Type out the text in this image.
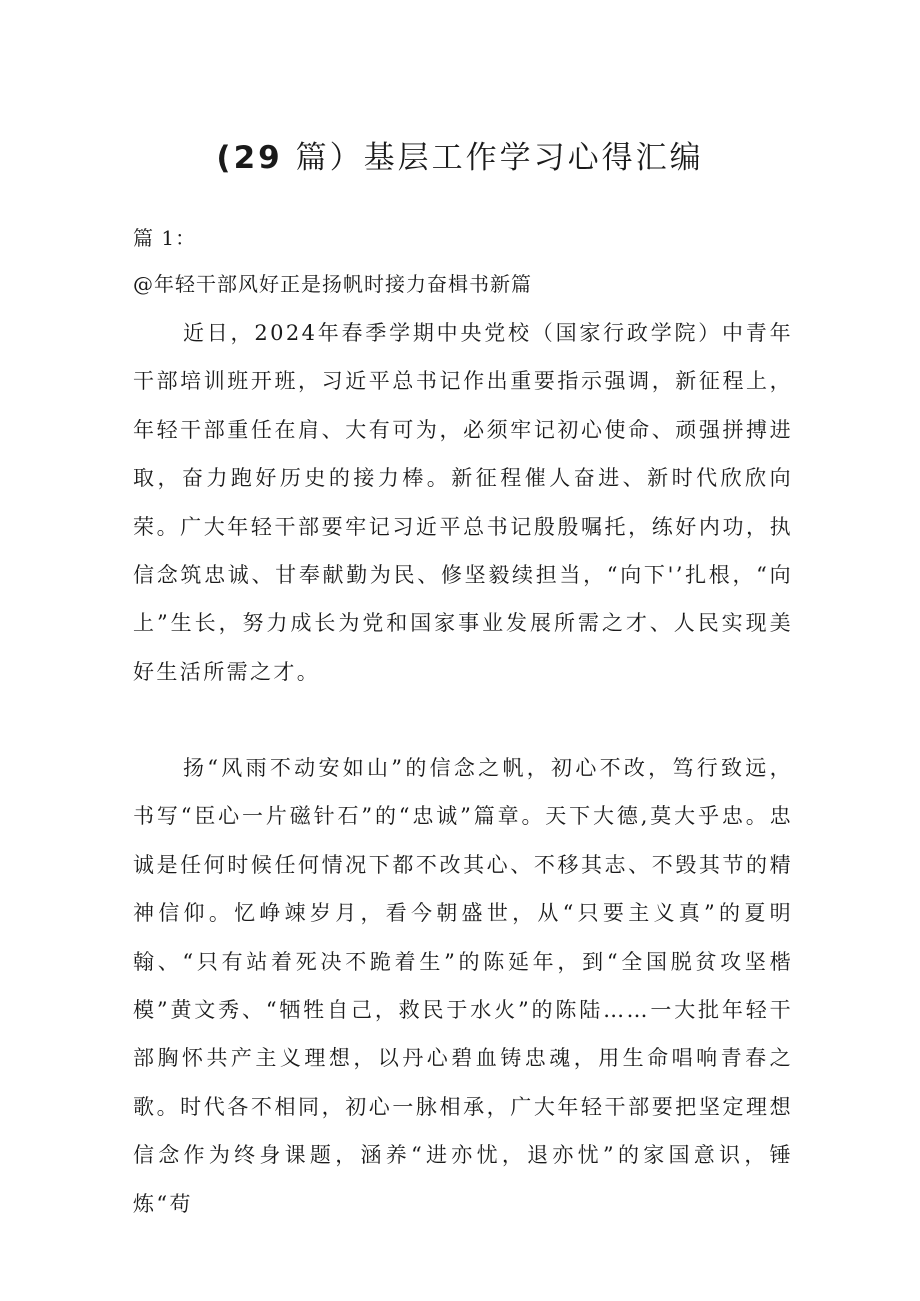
(29 篇）基层工作学习心得汇编
篇 1：
@年轻干部风好正是扬帆时接力奋楫书新篇

近日，2024年春季学期中央党校（国家行政学院）中青年干部培训班开班，习近平总书记作出重要指示强调，新征程上，年轻干部重任在肩、大有可为，必须牢记初心使命、顽强拼搏进取，奋力跑好历史的接力棒。新征程催人奋进、新时代欣欣向荣。广大年轻干部要牢记习近平总书记殷殷嘱托，练好内功，执信念筑忠诚、甘奉献勤为民、修坚毅续担当，“向下'’扎根，“向上”生长，努力成长为党和国家事业发展所需之才、人民实现美好生活所需之才。

扬“风雨不动安如山”的信念之帆，初心不改，笃行致远，书写“臣心一片磁针石”的“忠诚”篇章。天下大德,莫大乎忠。忠诚是任何时候任何情况下都不改其心、不移其志、不毁其节的精神信仰。忆峥竦岁月，看今朝盛世，从“只要主义真”的夏明翰、“只有站着死决不跪着生”的陈延年，到“全国脱贫攻坚楷模”黄文秀、“牺牲自己，救民于水火”的陈陆……一大批年轻干部胸怀共产主义理想，以丹心碧血铸忠魂，用生命唱响青春之歌。时代各不相同，初心一脉相承，广大年轻干部要把坚定理想信念作为终身课题，涵养“进亦忧，退亦忧”的家国意识，锤炼“苟
